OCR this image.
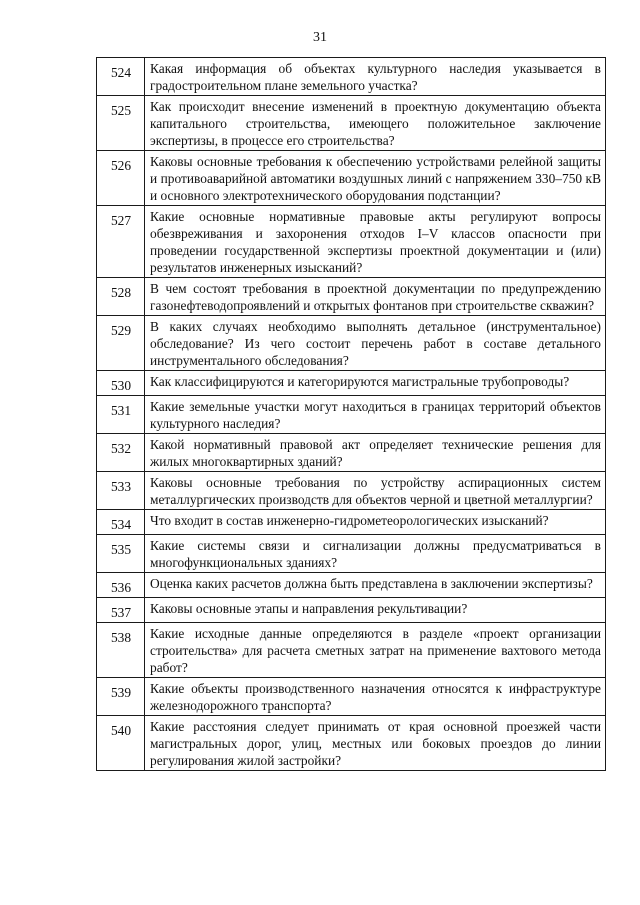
31
524	Какая информация об объектах культурного наследия указывается в градостроительном плане земельного участка?
525	Как происходит внесение изменений в проектную документацию объекта капитального строительства, имеющего положительное заключение экспертизы, в процессе его строительства?
526	Каковы основные требования к обеспечению устройствами релейной защиты и противоаварийной автоматики воздушных линий с напряжением 330–750 кВ и основного электротехнического оборудования подстанции?
527	Какие основные нормативные правовые акты регулируют вопросы обезвреживания и захоронения отходов I–V классов опасности при проведении государственной экспертизы проектной документации и (или) результатов инженерных изысканий?
528	В чем состоят требования в проектной документации по предупреждению газонефтеводопроявлений и открытых фонтанов при строительстве скважин?
529	В каких случаях необходимо выполнять детальное (инструментальное) обследование? Из чего состоит перечень работ в составе детального инструментального обследования?
530	Как классифицируются и категорируются магистральные трубопроводы?
531	Какие земельные участки могут находиться в границах территорий объектов культурного наследия?
532	Какой нормативный правовой акт определяет технические решения для жилых многоквартирных зданий?
533	Каковы основные требования по устройству аспирационных систем металлургических производств для объектов черной и цветной металлургии?
534	Что входит в состав инженерно-гидрометеорологических изысканий?
535	Какие системы связи и сигнализации должны предусматриваться в многофункциональных зданиях?
536	Оценка каких расчетов должна быть представлена в заключении экспертизы?
537	Каковы основные этапы и направления рекультивации?
538	Какие исходные данные определяются в разделе «проект организации строительства» для расчета сметных затрат на применение вахтового метода работ?
539	Какие объекты производственного назначения относятся к инфраструктуре железнодорожного транспорта?
540	Какие расстояния следует принимать от края основной проезжей части магистральных дорог, улиц, местных или боковых проездов до линии регулирования жилой застройки?
